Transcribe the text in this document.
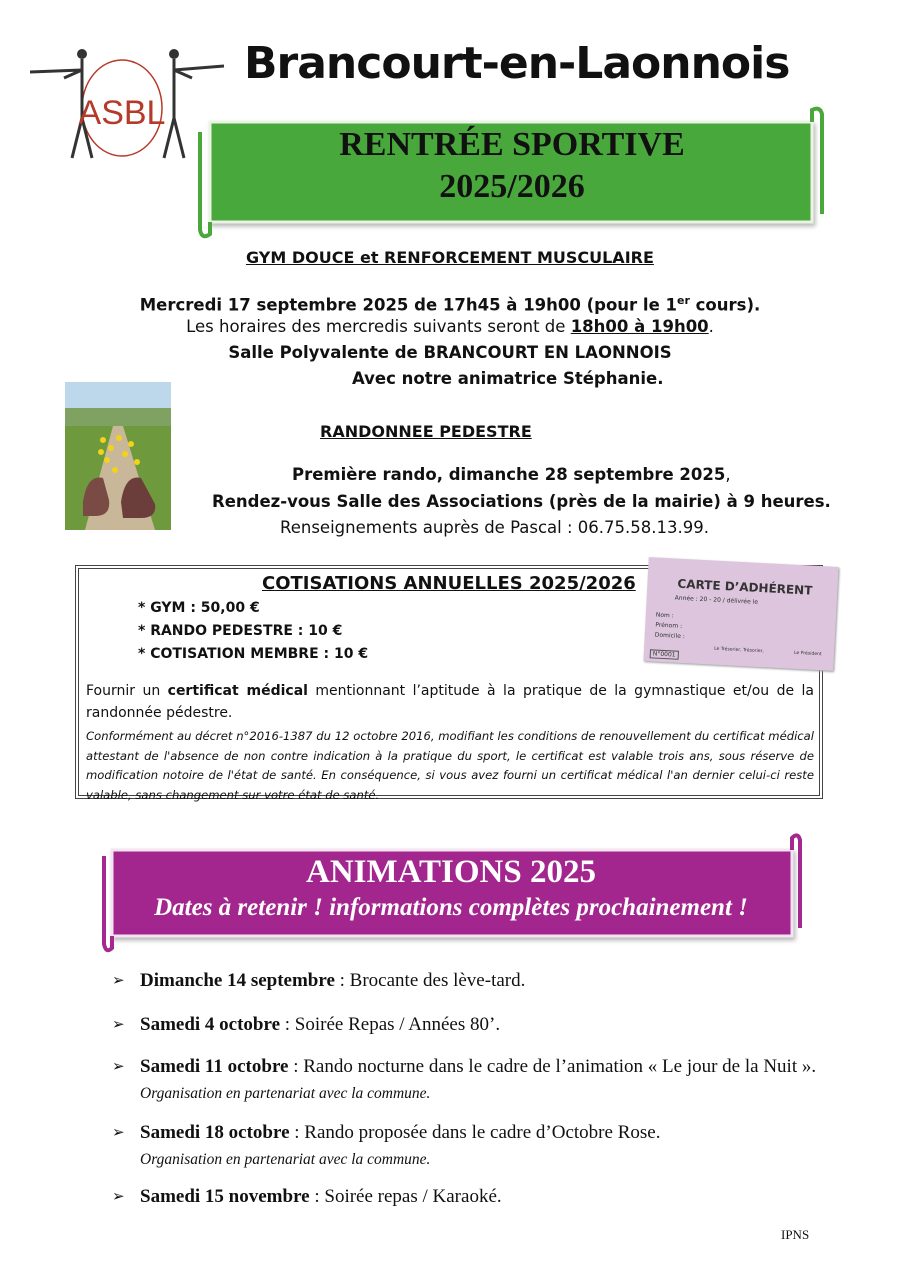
ASBL
Brancourt-en-Laonnois
RENTRÉE SPORTIVE
2025/2026
GYM DOUCE et RENFORCEMENT MUSCULAIRE
Mercredi 17 septembre 2025 de 17h45 à 19h00 (pour le 1er cours).
Les horaires des mercredis suivants seront de 18h00 à 19h00.
Salle Polyvalente de BRANCOURT EN LAONNOIS
Avec notre animatrice Stéphanie.
RANDONNEE PEDESTRE
Première rando, dimanche 28 septembre 2025,
Rendez-vous Salle des Associations (près de la mairie) à 9 heures.
Renseignements auprès de Pascal : 06.75.58.13.99.
COTISATIONS ANNUELLES 2025/2026
* GYM : 50,00 €
* RANDO PEDESTRE : 10 €
* COTISATION MEMBRE : 10 €
CARTE D’ADHÉRENT
Année : 20 - 20 / délivrée le
Nom :
Prénom :
Domicile :
N°0001	Le Trésorier, Trésorier,	Le Président
Fournir un certificat médical mentionnant l’aptitude à la pratique de la gymnastique et/ou de la randonnée pédestre.
Conformément au décret n°2016-1387 du 12 octobre 2016, modifiant les conditions de renouvellement du certificat médical attestant de l'absence de non contre indication à la pratique du sport, le certificat est valable trois ans, sous réserve de modification notoire de l'état de santé. En conséquence, si vous avez fourni un certificat médical l'an dernier celui-ci reste valable, sans changement sur votre état de santé.
ANIMATIONS 2025
Dates à retenir ! informations complètes prochainement !
➢ Dimanche 14 septembre : Brocante des lève-tard.
➢ Samedi 4 octobre : Soirée Repas / Années 80’.
➢ Samedi 11 octobre : Rando nocturne dans le cadre de l’animation « Le jour de la Nuit ». Organisation en partenariat avec la commune.
➢ Samedi 18 octobre : Rando proposée dans le cadre d’Octobre Rose.
Organisation en partenariat avec la commune.
➢ Samedi 15 novembre : Soirée repas / Karaoké.
IPNS
